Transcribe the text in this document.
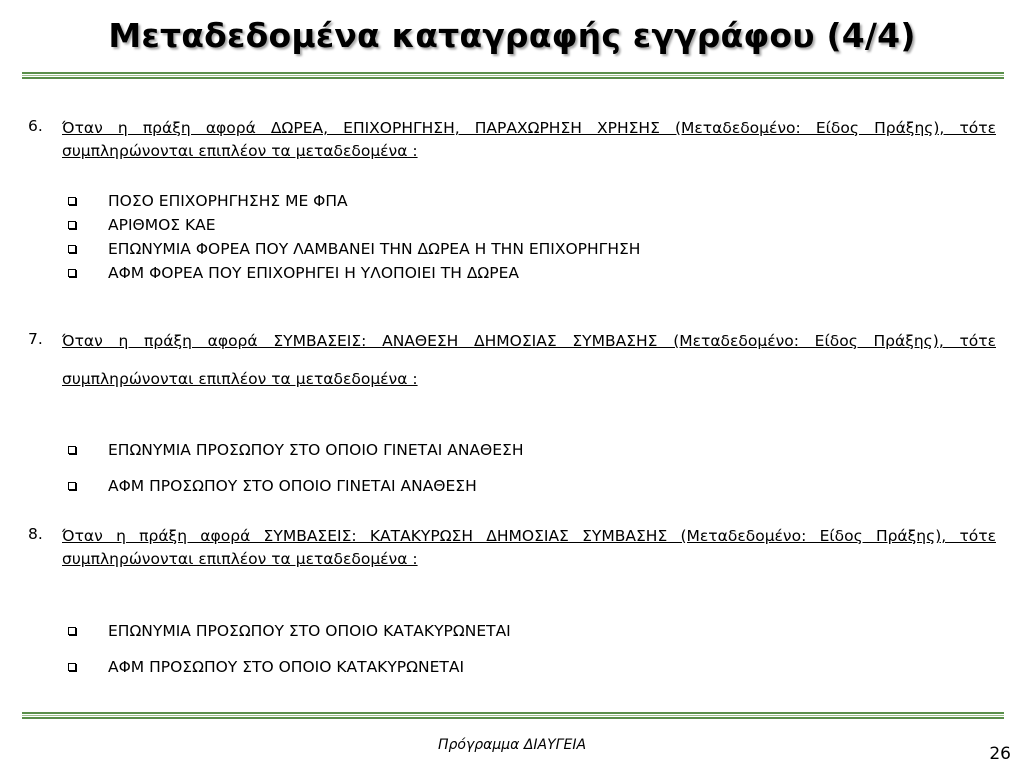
Μεταδεδομένα καταγραφής εγγράφου (4/4)
6. Όταν η πράξη αφορά ΔΩΡΕΑ, ΕΠΙΧΟΡΗΓΗΣΗ, ΠΑΡΑΧΩΡΗΣΗ ΧΡΗΣΗΣ (Μεταδεδομένο: Είδος Πράξης), τότε συμπληρώνονται επιπλέον τα μεταδεδομένα :
ΠΟΣΟ ΕΠΙΧΟΡΗΓΗΣΗΣ ΜΕ ΦΠΑ
ΑΡΙΘΜΟΣ ΚΑΕ
ΕΠΩΝΥΜΙΑ ΦΟΡΕΑ ΠΟΥ ΛΑΜΒΑΝΕΙ ΤΗΝ ΔΩΡΕΑ Η ΤΗΝ ΕΠΙΧΟΡΗΓΗΣΗ
ΑΦΜ ΦΟΡΕΑ ΠΟΥ ΕΠΙΧΟΡΗΓΕΙ Η ΥΛΟΠΟΙΕΙ ΤΗ ΔΩΡΕΑ
7. Όταν η πράξη αφορά ΣΥΜΒΑΣΕΙΣ: ΑΝΑΘΕΣΗ ΔΗΜΟΣΙΑΣ ΣΥΜΒΑΣΗΣ (Μεταδεδομένο: Είδος Πράξης), τότε συμπληρώνονται επιπλέον τα μεταδεδομένα :
ΕΠΩΝΥΜΙΑ ΠΡΟΣΩΠΟΥ ΣΤΟ ΟΠΟΙΟ ΓΙΝΕΤΑΙ ΑΝΑΘΕΣΗ
ΑΦΜ ΠΡΟΣΩΠΟΥ ΣΤΟ ΟΠΟΙΟ ΓΙΝΕΤΑΙ ΑΝΑΘΕΣΗ
8. Όταν η πράξη αφορά ΣΥΜΒΑΣΕΙΣ: ΚΑΤΑΚΥΡΩΣΗ ΔΗΜΟΣΙΑΣ ΣΥΜΒΑΣΗΣ (Μεταδεδομένο: Είδος Πράξης), τότε συμπληρώνονται επιπλέον τα μεταδεδομένα :
ΕΠΩΝΥΜΙΑ ΠΡΟΣΩΠΟΥ ΣΤΟ ΟΠΟΙΟ ΚΑΤΑΚΥΡΩΝΕΤΑΙ
ΑΦΜ ΠΡΟΣΩΠΟΥ ΣΤΟ ΟΠΟΙΟ ΚΑΤΑΚΥΡΩΝΕΤΑΙ
Πρόγραμμα ΔΙΑΥΓΕΙΑ	26
